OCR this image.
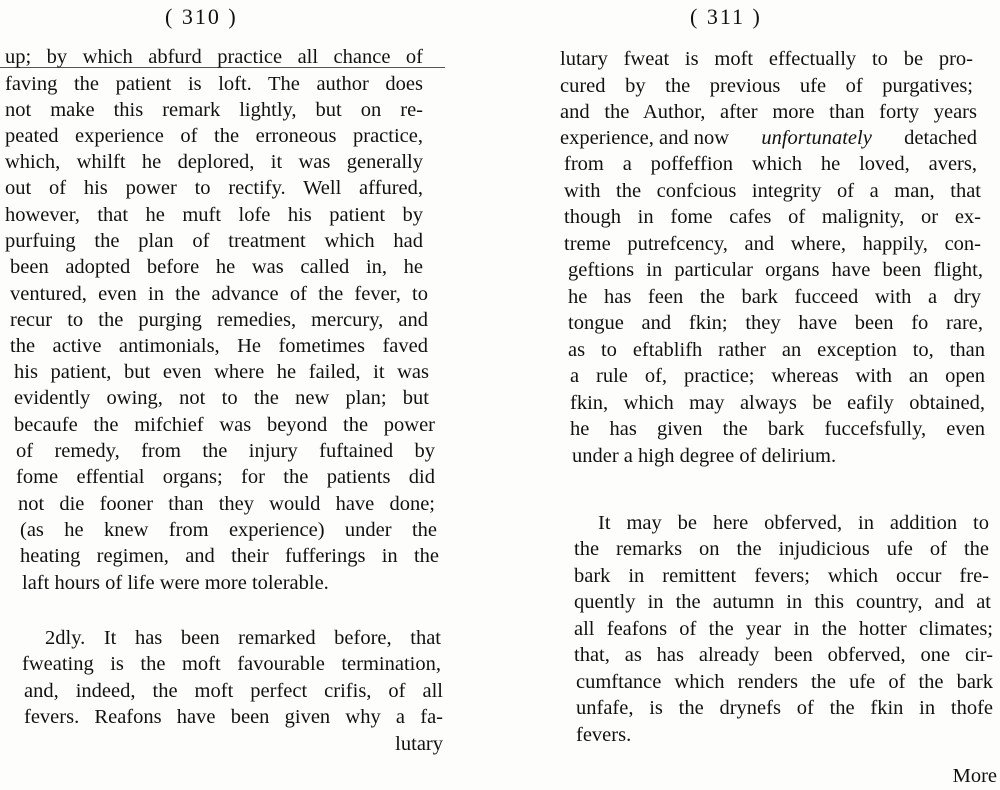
( 310 )
up; by which abfurd practice all chance of
faving the patient is loft. The author does
not make this remark lightly, but on re-
peated experience of the erroneous practice,
which, whilft he deplored, it was generally
out of his power to rectify. Well affured,
however, that he muft lofe his patient by
purfuing the plan of treatment which had
been adopted before he was called in, he
ventured, even in the advance of the fever, to
recur to the purging remedies, mercury, and
the active antimonials, He fometimes faved
his patient, but even where he failed, it was
evidently owing, not to the new plan; but
becaufe the mifchief was beyond the power
of remedy, from the injury fuftained by
fome effential organs; for the patients did
not die fooner than they would have done;
(as he knew from experience) under the
heating regimen, and their fufferings in the
laft hours of life were more tolerable.
2dly. It has been remarked before, that
fweating is the moft favourable termination,
and, indeed, the moft perfect crifis, of all
fevers. Reafons have been given why a fa-
lutary
( 311 )
lutary fweat is moft effectually to be pro-
cured by the previous ufe of purgatives;
and the Author, after more than forty years
experience, and now unfortunately detached
from a poffeffion which he loved, avers,
with the confcious integrity of a man, that
though in fome cafes of malignity, or ex-
treme putrefcency, and where, happily, con-
geftions in particular organs have been flight,
he has feen the bark fucceed with a dry
tongue and fkin; they have been fo rare,
as to eftablifh rather an exception to, than
a rule of, practice; whereas with an open
fkin, which may always be eafily obtained,
he has given the bark fuccefsfully, even
under a high degree of delirium.
It may be here obferved, in addition to
the remarks on the injudicious ufe of the
bark in remittent fevers; which occur fre-
quently in the autumn in this country, and at
all feafons of the year in the hotter climates;
that, as has already been obferved, one cir-
cumftance which renders the ufe of the bark
unfafe, is the drynefs of the fkin in thofe
fevers.
More
